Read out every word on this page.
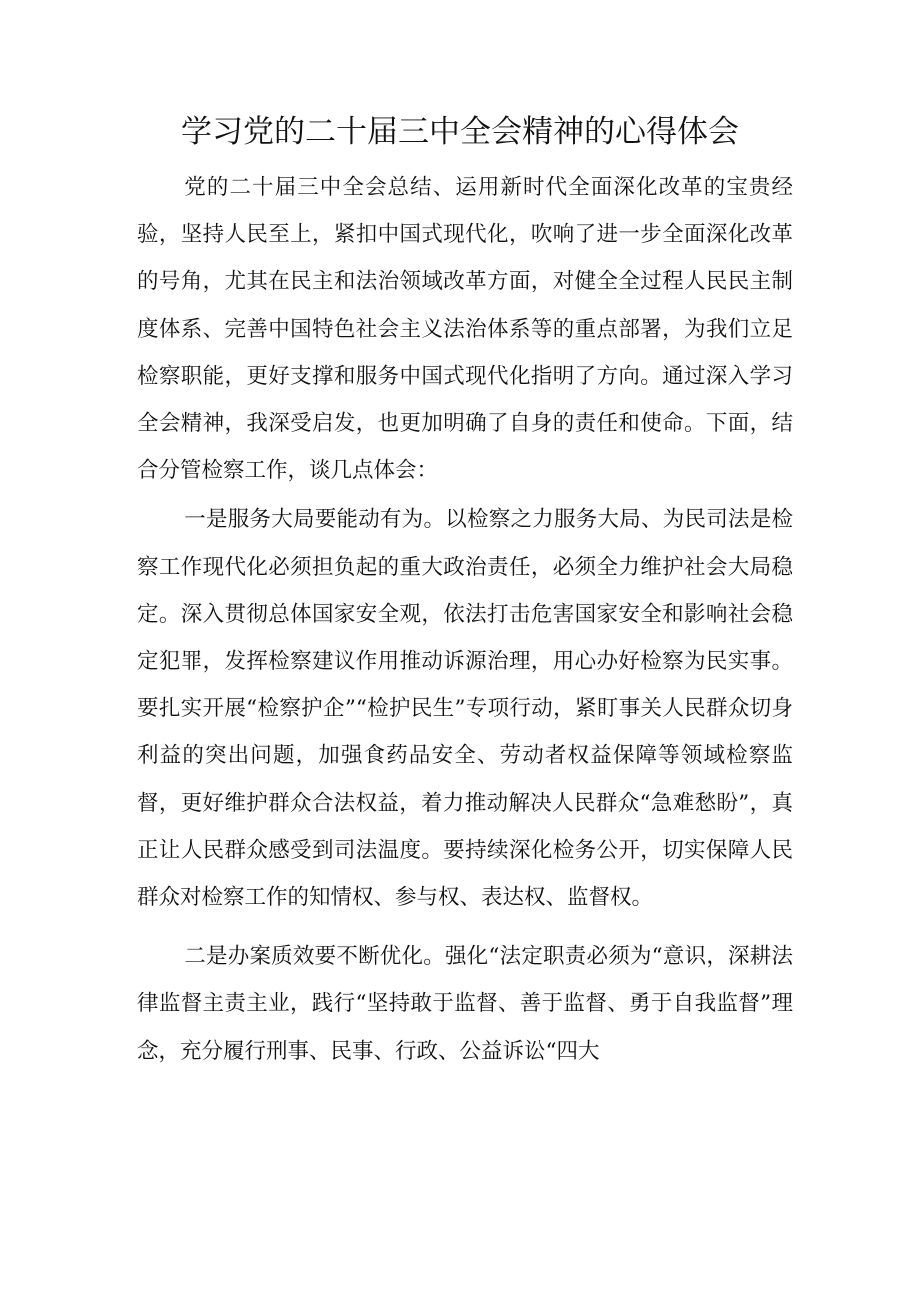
学习党的二十届三中全会精神的心得体会

党的二十届三中全会总结、运用新时代全面深化改革的宝贵经验，坚持人民至上，紧扣中国式现代化，吹响了进一步全面深化改革的号角，尤其在民主和法治领域改革方面，对健全全过程人民民主制度体系、完善中国特色社会主义法治体系等的重点部署，为我们立足检察职能，更好支撑和服务中国式现代化指明了方向。通过深入学习全会精神，我深受启发，也更加明确了自身的责任和使命。下面，结合分管检察工作，谈几点体会：

一是服务大局要能动有为。以检察之力服务大局、为民司法是检察工作现代化必须担负起的重大政治责任，必须全力维护社会大局稳定。深入贯彻总体国家安全观，依法打击危害国家安全和影响社会稳定犯罪，发挥检察建议作用推动诉源治理，用心办好检察为民实事。要扎实开展“检察护企”“检护民生”专项行动，紧盯事关人民群众切身利益的突出问题，加强食药品安全、劳动者权益保障等领域检察监督，更好维护群众合法权益，着力推动解决人民群众“急难愁盼”，真正让人民群众感受到司法温度。要持续深化检务公开，切实保障人民群众对检察工作的知情权、参与权、表达权、监督权。

二是办案质效要不断优化。强化“法定职责必须为“意识，深耕法律监督主责主业，践行“坚持敢于监督、善于监督、勇于自我监督”理念，充分履行刑事、民事、行政、公益诉讼“四大
